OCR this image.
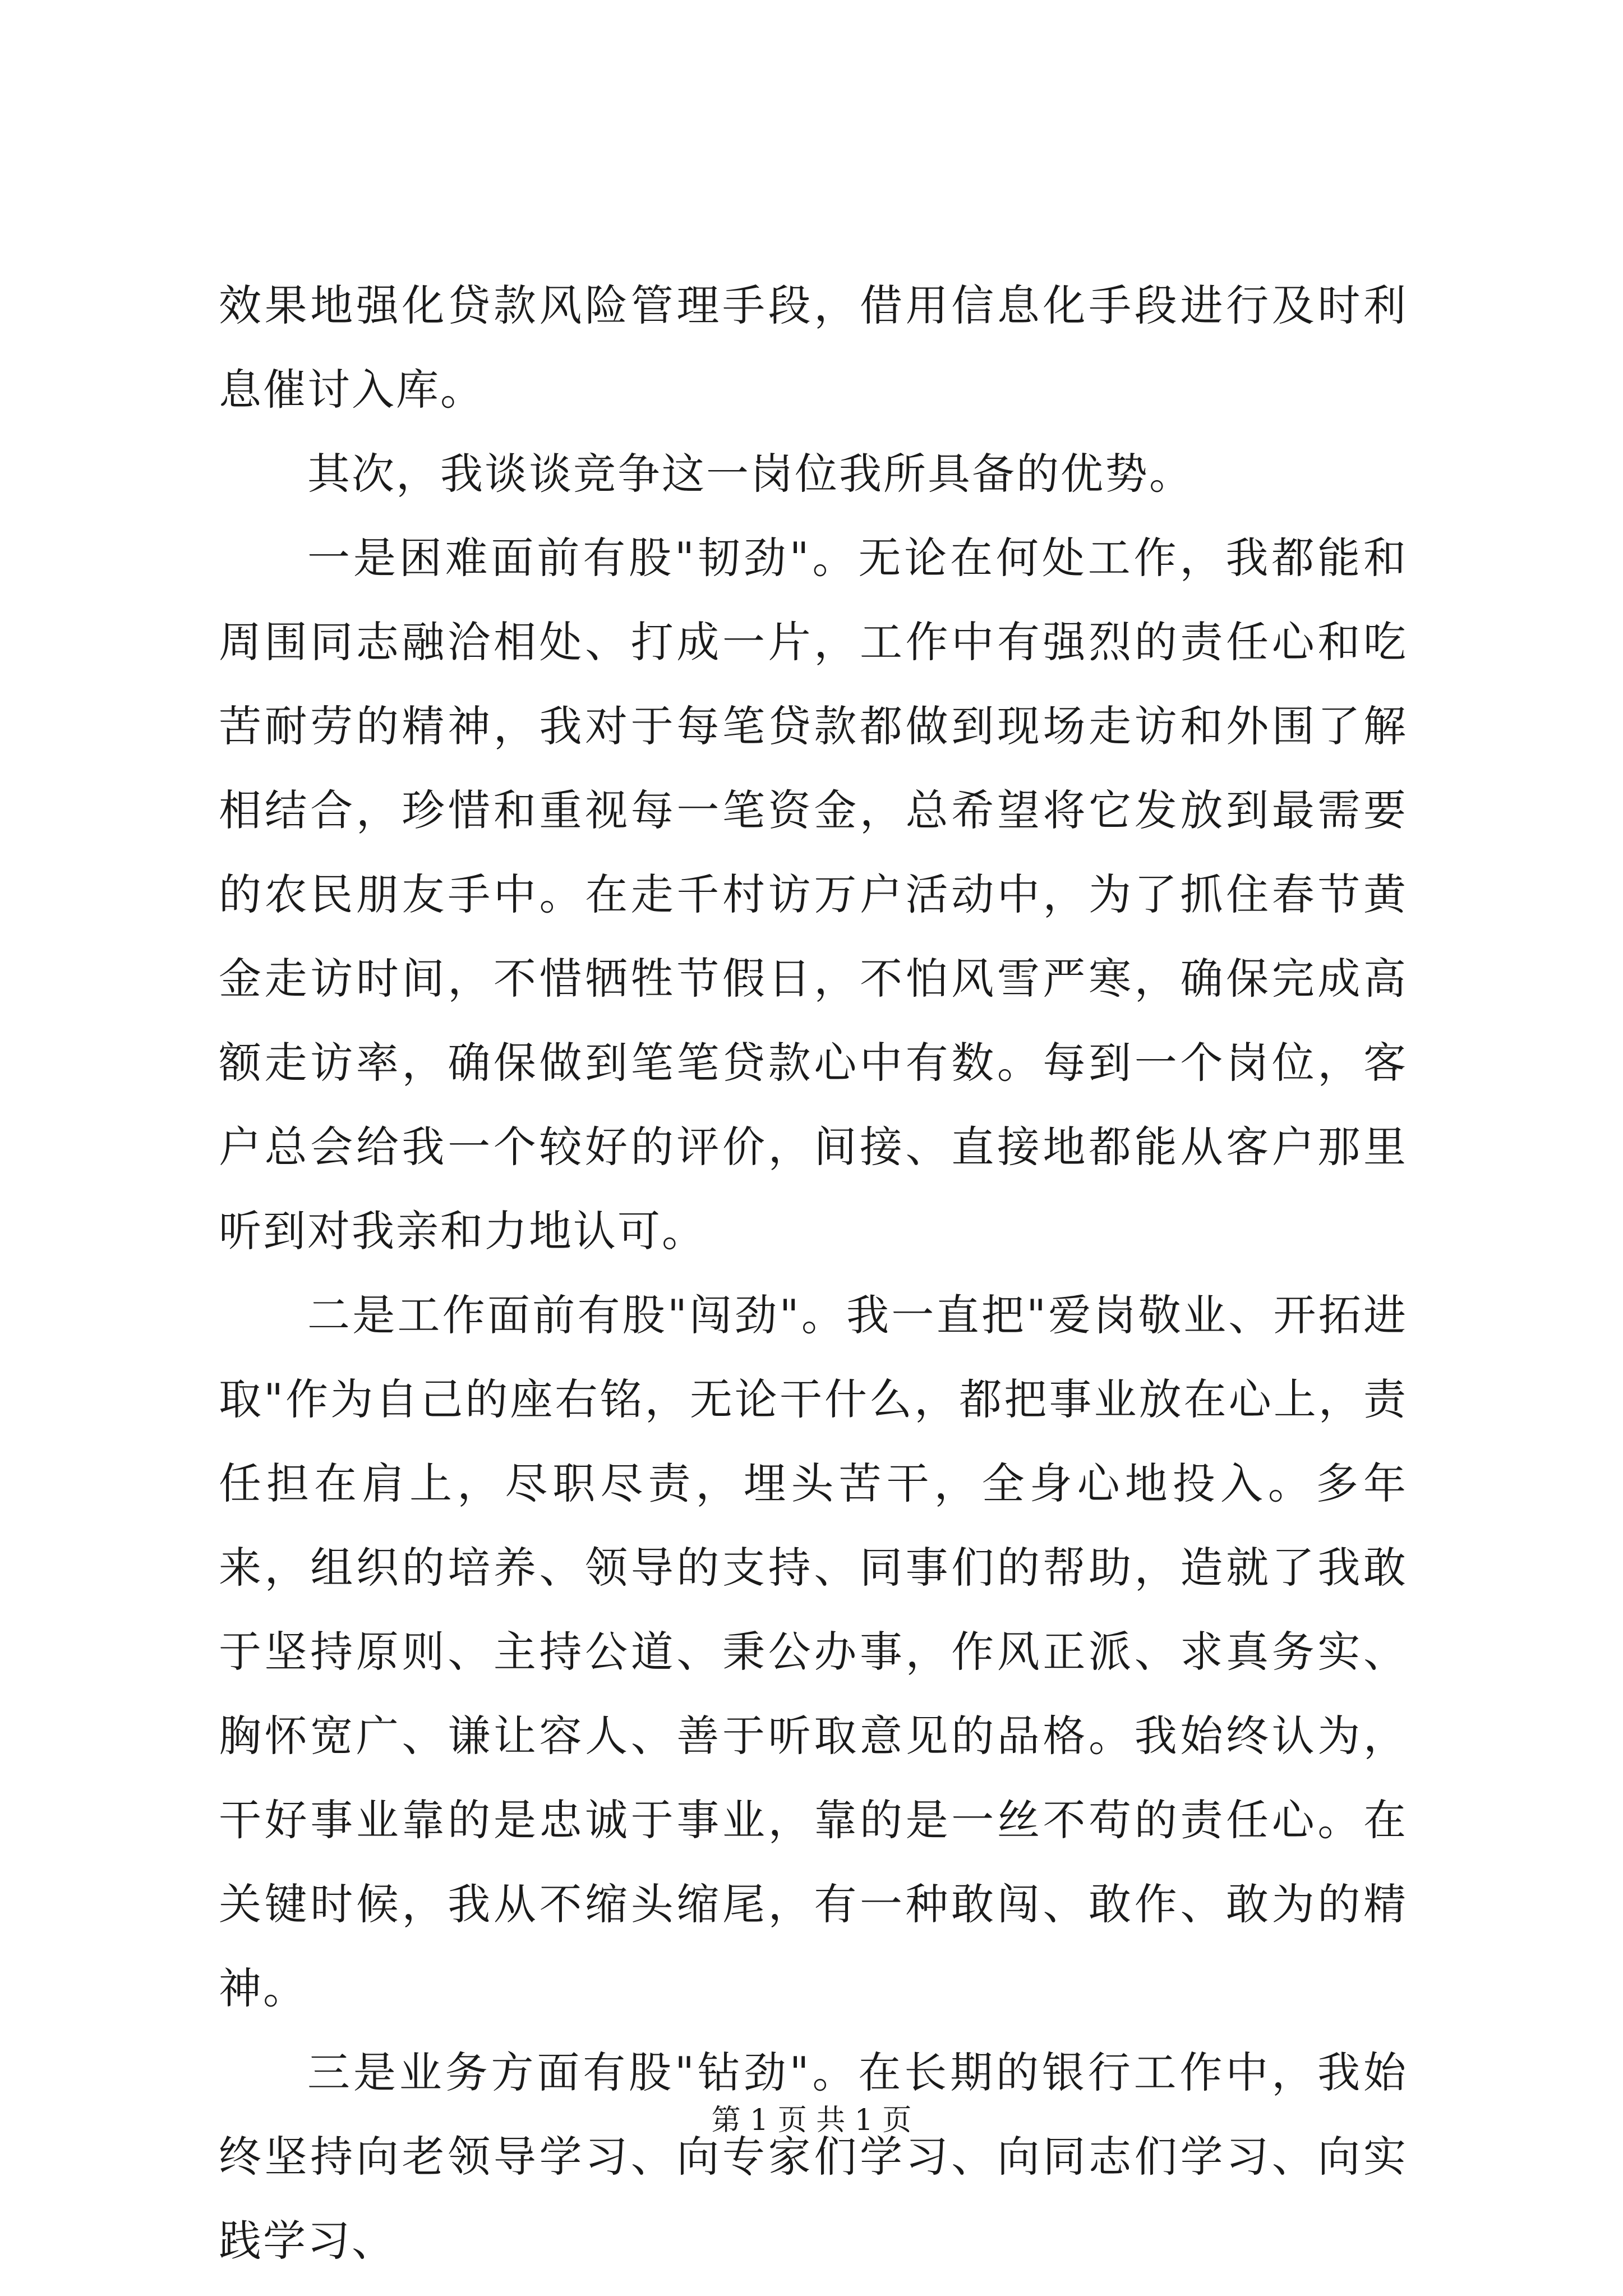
效果地强化贷款风险管理手段，借用信息化手段进行及时利息催讨入库。

其次，我谈谈竞争这一岗位我所具备的优势。

一是困难面前有股"韧劲"。无论在何处工作，我都能和周围同志融洽相处、打成一片，工作中有强烈的责任心和吃苦耐劳的精神，我对于每笔贷款都做到现场走访和外围了解相结合，珍惜和重视每一笔资金，总希望将它发放到最需要的农民朋友手中。在走千村访万户活动中，为了抓住春节黄金走访时间，不惜牺牲节假日，不怕风雪严寒，确保完成高额走访率，确保做到笔笔贷款心中有数。每到一个岗位，客户总会给我一个较好的评价，间接、直接地都能从客户那里听到对我亲和力地认可。

二是工作面前有股"闯劲"。我一直把"爱岗敬业、开拓进取"作为自己的座右铭，无论干什么，都把事业放在心上，责任担在肩上，尽职尽责，埋头苦干，全身心地投入。多年来，组织的培养、领导的支持、同事们的帮助，造就了我敢于坚持原则、主持公道、秉公办事，作风正派、求真务实、胸怀宽广、谦让容人、善于听取意见的品格。我始终认为，干好事业靠的是忠诚于事业，靠的是一丝不苟的责任心。在关键时候，我从不缩头缩尾，有一种敢闯、敢作、敢为的精神。

三是业务方面有股"钻劲"。在长期的银行工作中，我始终坚持向老领导学习、向专家们学习、向同志们学习、向实践学习、

第 1 页 共 1 页
